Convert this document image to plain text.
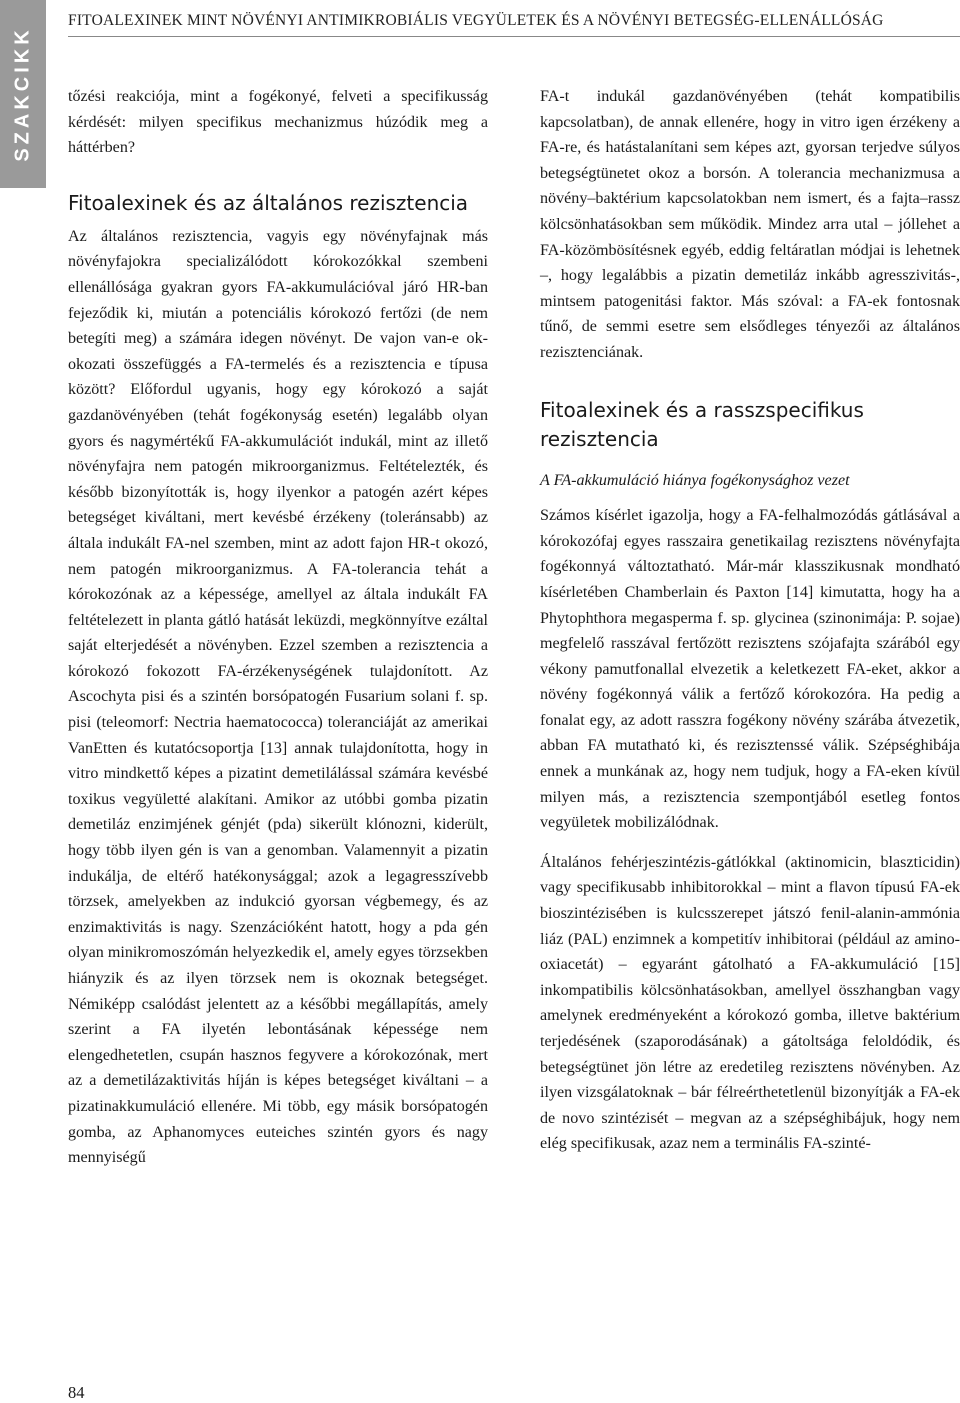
SZAKCIKK
FITOALEXINEK MINT NÖVÉNYI ANTIMIKROBIÁLIS VEGYÜLETEK ÉS A NÖVÉNYI BETEGSÉG-ELLENÁLLÓSÁG

tőzési reakciója, mint a fogékonyé, felveti a specifikusság kérdését: milyen specifikus mechanizmus húzódik meg a háttérben?

Fitoalexinek és az általános rezisztencia

Az általános rezisztencia, vagyis egy növényfajnak más növényfajokra specializálódott kórokozókkal szembeni ellenállósága gyakran gyors FA-akkumulációval járó HR-ban fejeződik ki, miután a potenciális kórokozó fertőzi (de nem betegíti meg) a számára idegen növényt. De vajon van-e ok-okozati összefüggés a FA-termelés és a rezisztencia e típusa között? Előfordul ugyanis, hogy egy kórokozó a saját gazdanövényében (tehát fogékonyság esetén) legalább olyan gyors és nagymértékű FA-akkumulációt indukál, mint az illető növényfajra nem patogén mikroorganizmus. Feltételezték, és később bizonyították is, hogy ilyenkor a patogén azért képes betegséget kiváltani, mert kevésbé érzékeny (toleránsabb) az általa indukált FA-nel szemben, mint az adott fajon HR-t okozó, nem patogén mikroorganizmus. A FA-tolerancia tehát a kórokozónak az a képessége, amellyel az általa indukált FA feltételezett in planta gátló hatását leküzdi, megkönnyítve ezáltal saját elterjedését a növényben. Ezzel szemben a rezisztencia a kórokozó fokozott FA-érzékenységének tulajdonított. Az Ascochyta pisi és a szintén borsópatogén Fusarium solani f. sp. pisi (teleomorf: Nectria haematococca) toleranciáját az amerikai VanEtten és kutatócsoportja [13] annak tulajdonította, hogy in vitro mindkettő képes a pizatint demetilálással számára kevésbé toxikus vegyületté alakítani. Amikor az utóbbi gomba pizatin demetiláz enzimjének génjét (pda) sikerült klónozni, kiderült, hogy több ilyen gén is van a genomban. Valamennyit a pizatin indukálja, de eltérő hatékonysággal; azok a legagresszívebb törzsek, amelyekben az indukció gyorsan végbemegy, és az enzimaktivitás is nagy. Szenzációként hatott, hogy a pda gén olyan minikromoszómán helyezkedik el, amely egyes törzsekben hiányzik és az ilyen törzsek nem is okoznak betegséget. Némiképp csalódást jelentett az a későbbi megállapítás, amely szerint a FA ilyetén lebontásának képessége nem elengedhetetlen, csupán hasznos fegyvere a kórokozónak, mert az a demetilázaktivitás híján is képes betegséget kiváltani – a pizatinakkumuláció ellenére. Mi több, egy másik borsópatogén gomba, az Aphanomyces euteiches szintén gyors és nagy mennyiségű

FA-t indukál gazdanövényében (tehát kompatibilis kapcsolatban), de annak ellenére, hogy in vitro igen érzékeny a FA-re, és hatástalanítani sem képes azt, gyorsan terjedve súlyos betegségtünetet okoz a borsón. A tolerancia mechanizmusa a növény–baktérium kapcsolatokban nem ismert, és a fajta–rassz kölcsönhatásokban sem működik. Mindez arra utal – jóllehet a FA-közömbösítésnek egyéb, eddig feltáratlan módjai is lehetnek –, hogy legalábbis a pizatin demetiláz inkább agresszivitás-, mintsem patogenitási faktor. Más szóval: a FA-ek fontosnak tűnő, de semmi esetre sem elsődleges tényezői az általános rezisztenciának.

Fitoalexinek és a rasszspecifikus rezisztencia
A FA-akkumuláció hiánya fogékonysághoz vezet

Számos kísérlet igazolja, hogy a FA-felhalmozódás gátlásával a kórokozófaj egyes rasszaira genetikailag rezisztens növényfajta fogékonnyá változtatható. Már-már klasszikusnak mondható kísérletében Chamberlain és Paxton [14] kimutatta, hogy ha a Phytophthora megasperma f. sp. glycinea (szinonimája: P. sojae) megfelelő rasszával fertőzött rezisztens szójafajta szárából egy vékony pamutfonallal elvezetik a keletkezett FA-eket, akkor a növény fogékonnyá válik a fertőző kórokozóra. Ha pedig a fonalat egy, az adott rasszra fogékony növény szárába átvezetik, abban FA mutatható ki, és rezisztenssé válik. Szépséghibája ennek a munkának az, hogy nem tudjuk, hogy a FA-eken kívül milyen más, a rezisztencia szempontjából esetleg fontos vegyületek mobilizálódnak.

Általános fehérjeszintézis-gátlókkal (aktinomicin, blaszticidin) vagy specifikusabb inhibitorokkal – mint a flavon típusú FA-ek bioszintézisében is kulcsszerepet játszó fenil-alanin-ammónia liáz (PAL) enzimnek a kompetitív inhibitorai (például az amino-oxiacetát) – egyaránt gátolható a FA-akkumuláció [15] inkompatibilis kölcsönhatásokban, amellyel összhangban vagy amelynek eredményeként a kórokozó gomba, illetve baktérium terjedésének (szaporodásának) a gátoltsága feloldódik, és betegségtünet jön létre az eredetileg rezisztens növényben. Az ilyen vizsgálatoknak – bár félreérthetetlenül bizonyítják a FA-ek de novo szintézisét – megvan az a szépséghibájuk, hogy nem elég specifikusak, azaz nem a terminális FA-szinté-

84
